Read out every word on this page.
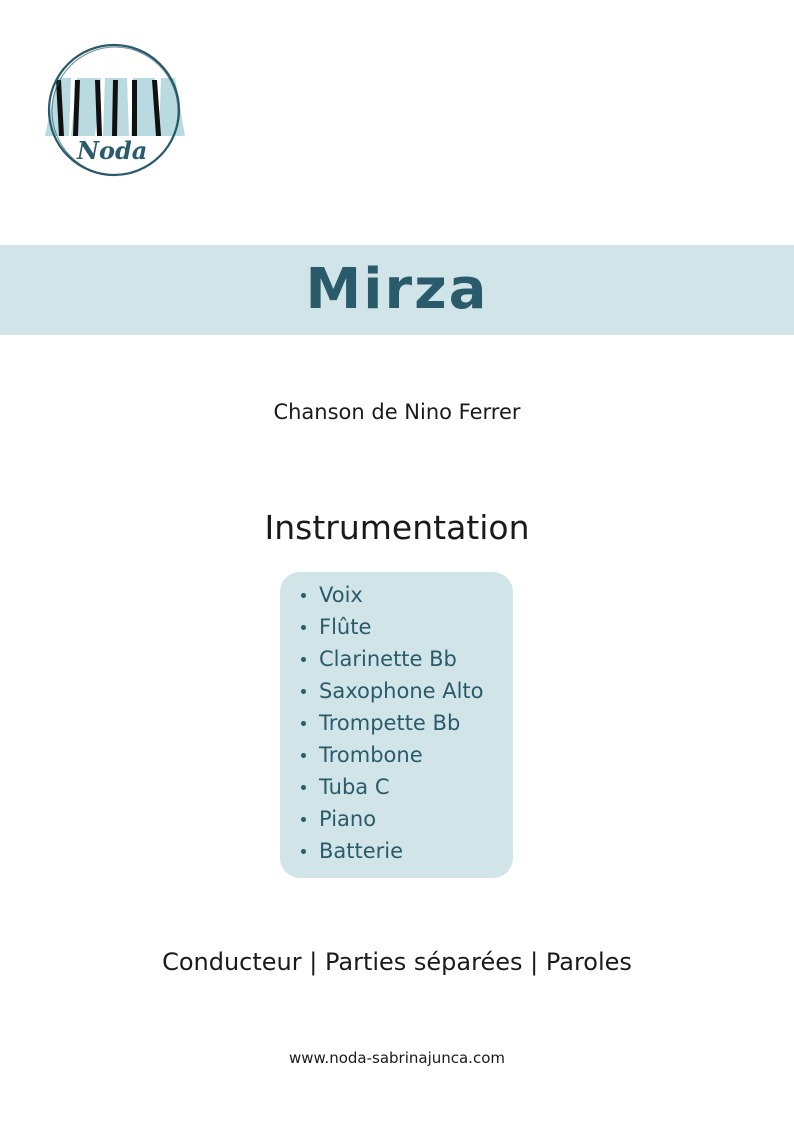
Noda
Mirza

Chanson de Nino Ferrer

Instrumentation
Voix
Flûte
Clarinette Bb
Saxophone Alto
Trompette Bb
Trombone
Tuba C
Piano
Batterie

Conducteur | Parties séparées | Paroles

www.noda-sabrinajunca.com
